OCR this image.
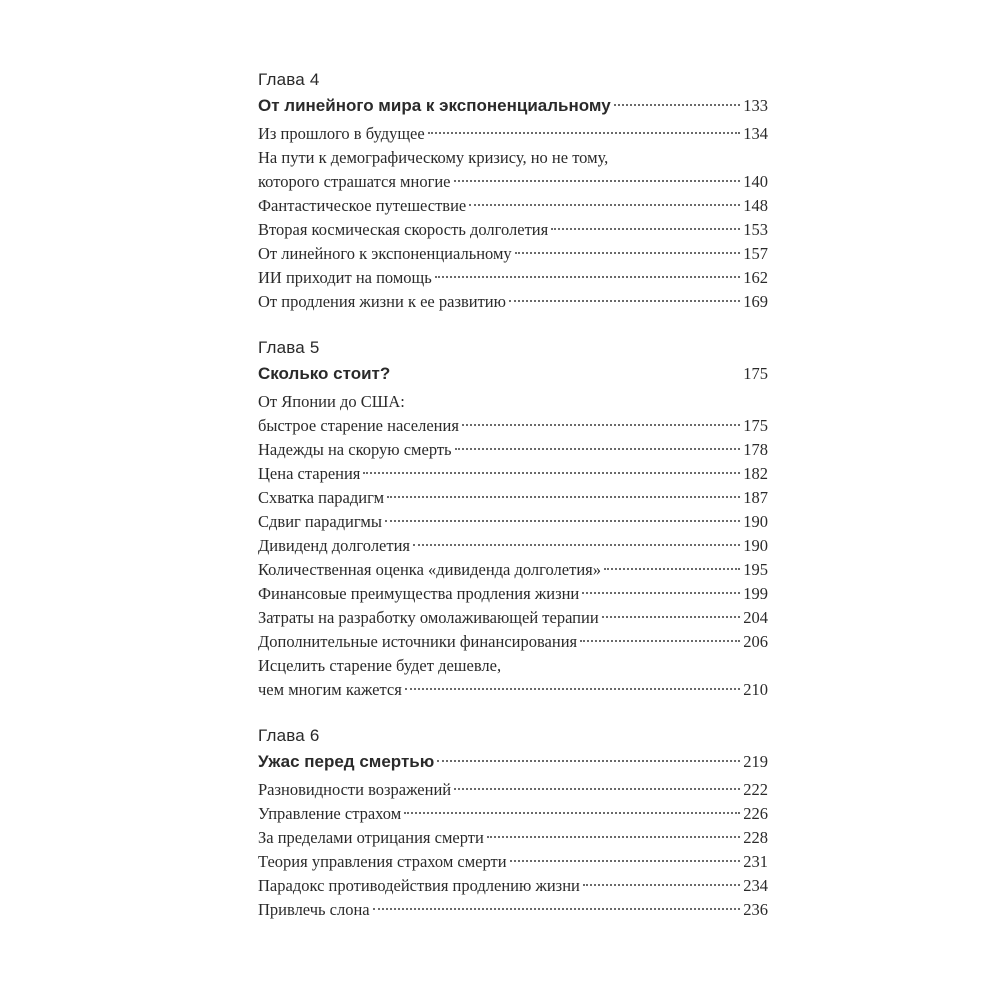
Глава 4
От линейного мира к экспоненциальному	133
Из прошлого в будущее	134
На пути к демографическому кризису, но не тому,
которого страшатся многие	140
Фантастическое путешествие	148
Вторая космическая скорость долголетия	153
От линейного к экспоненциальному	157
ИИ приходит на помощь	162
От продления жизни к ее развитию	169
Глава 5
Сколько стоит?	175
От Японии до США:
быстрое старение населения	175
Надежды на скорую смерть	178
Цена старения	182
Схватка парадигм	187
Сдвиг парадигмы	190
Дивиденд долголетия	190
Количественная оценка «дивиденда долголетия»	195
Финансовые преимущества продления жизни	199
Затраты на разработку омолаживающей терапии	204
Дополнительные источники финансирования	206
Исцелить старение будет дешевле,
чем многим кажется	210
Глава 6
Ужас перед смертью	219
Разновидности возражений	222
Управление страхом	226
За пределами отрицания смерти	228
Теория управления страхом смерти	231
Парадокс противодействия продлению жизни	234
Привлечь слона	236
